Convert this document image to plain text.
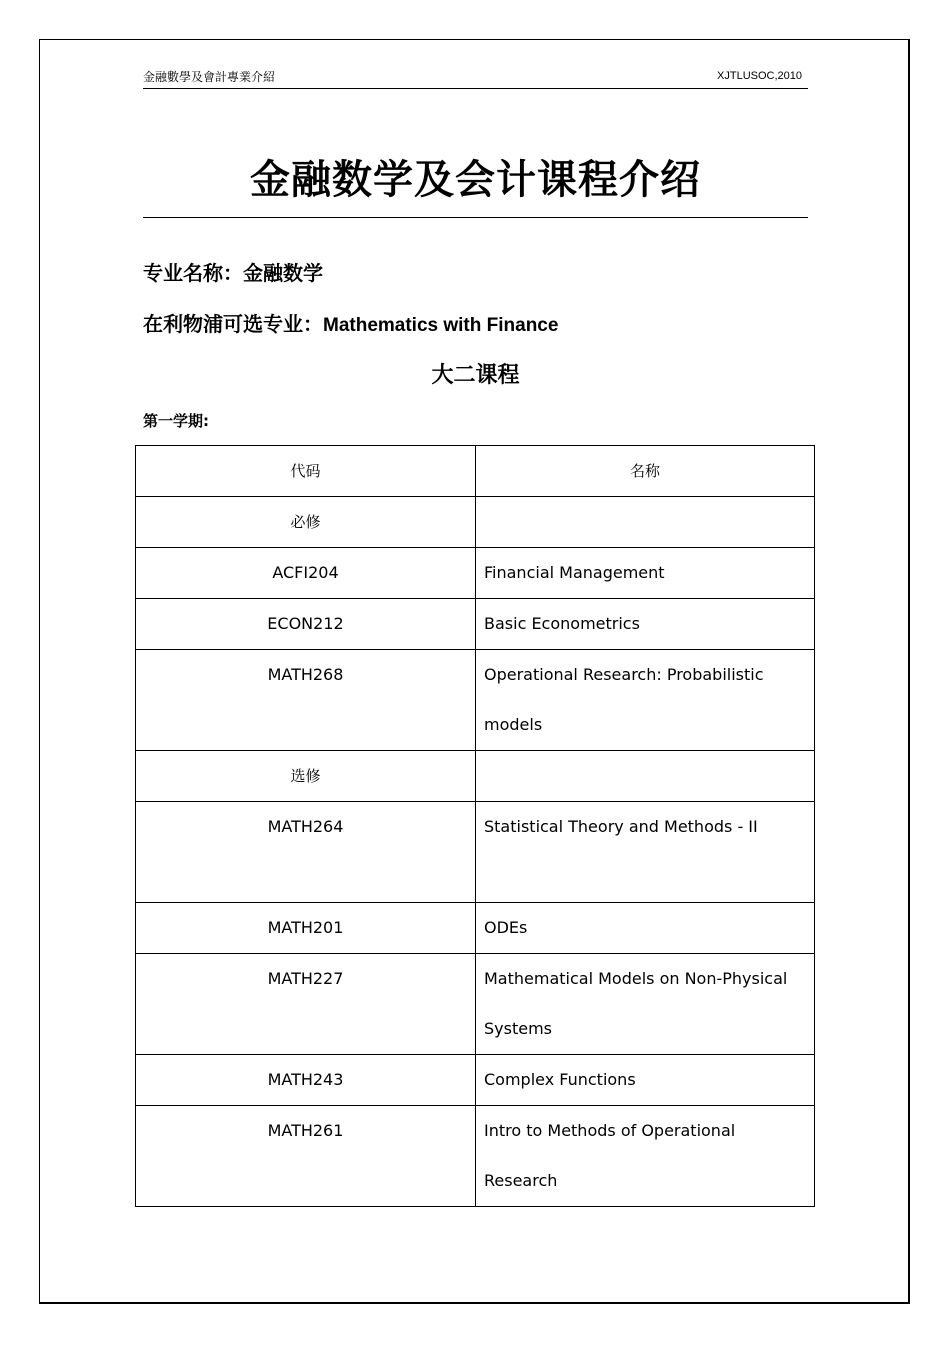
金融數學及會計專業介紹	XJTLUSOC,2010
金融数学及会计课程介绍
专业名称：金融数学
在利物浦可选专业：Mathematics with Finance
大二课程
第一学期:
代码	名称

必修	

ACFI204	Financial Management

ECON212	Basic Econometrics

MATH268	Operational Research: Probabilistic
models

选修	

MATH264	Statistical Theory and Methods - II

MATH201	ODEs

MATH227	Mathematical Models on Non-Physical
Systems

MATH243	Complex Functions

MATH261	Intro to Methods of Operational
Research
